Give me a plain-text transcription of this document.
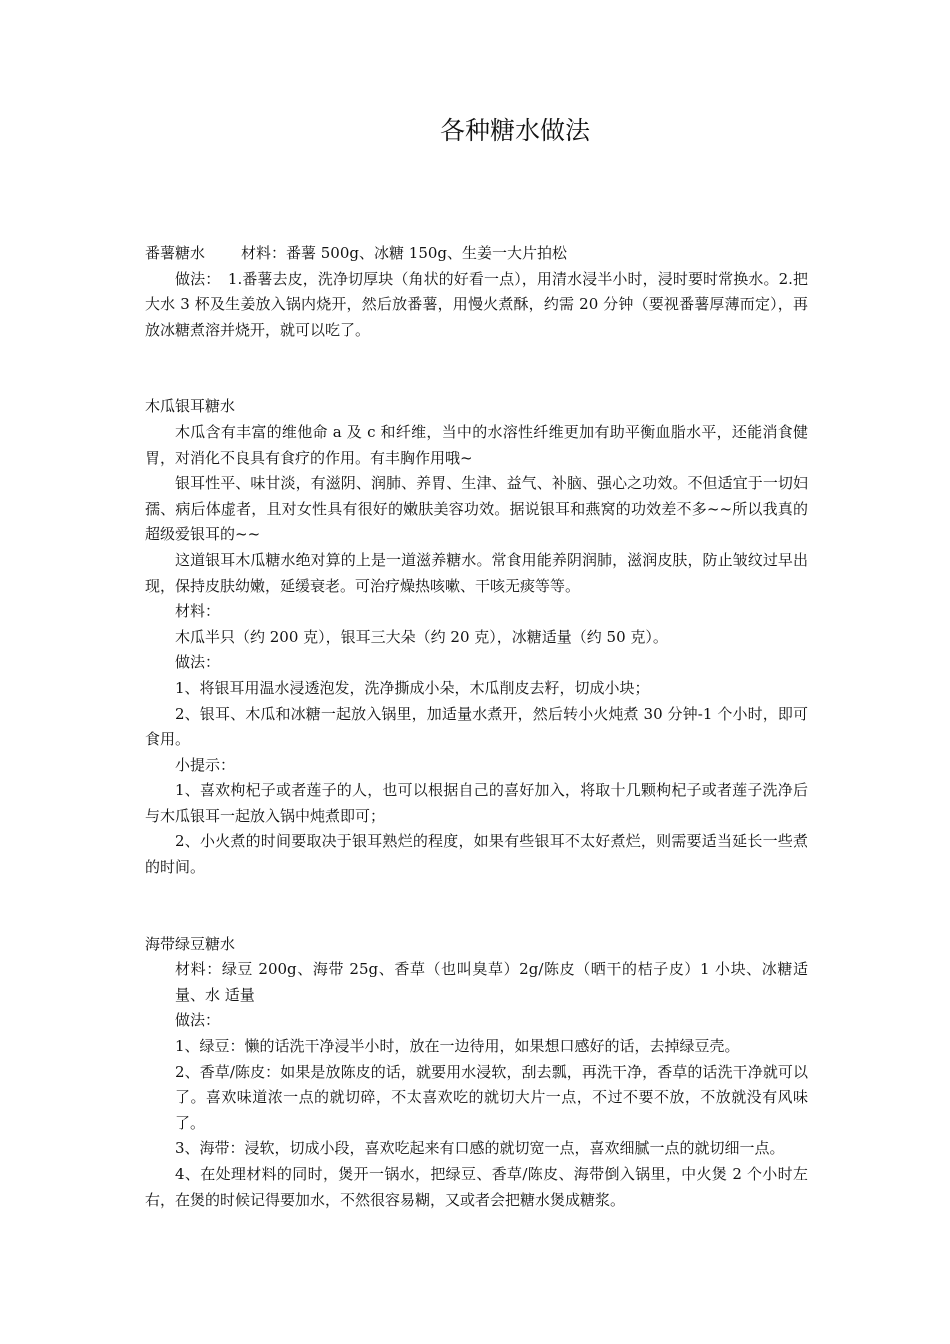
各种糖水做法

番薯糖水 材料：番薯 500g、冰糖 150g、生姜一大片拍松

做法：　1.番薯去皮，洗净切厚块（角状的好看一点），用清水浸半小时，浸时要时常换水。2.把大水 3 杯及生姜放入锅内烧开，然后放番薯，用慢火煮酥，约需 20 分钟（要视番薯厚薄而定），再放冰糖煮溶并烧开，就可以吃了。

木瓜银耳糖水

木瓜含有丰富的维他命 a 及 c 和纤维，当中的水溶性纤维更加有助平衡血脂水平，还能消食健胃，对消化不良具有食疗的作用。有丰胸作用哦~

银耳性平、味甘淡，有滋阴、润肺、养胃、生津、益气、补脑、强心之功效。不但适宜于一切妇孺、病后体虚者，且对女性具有很好的嫩肤美容功效。据说银耳和燕窝的功效差不多~~所以我真的超级爱银耳的~~

这道银耳木瓜糖水绝对算的上是一道滋养糖水。常食用能养阴润肺，滋润皮肤，防止皱纹过早出现，保持皮肤幼嫩，延缓衰老。可治疗燥热咳嗽、干咳无痰等等。

材料：

木瓜半只（约 200 克），银耳三大朵（约 20 克），冰糖适量（约 50 克）。

做法：

1、将银耳用温水浸透泡发，洗净撕成小朵，木瓜削皮去籽，切成小块；

2、银耳、木瓜和冰糖一起放入锅里，加适量水煮开，然后转小火炖煮 30 分钟-1 个小时，即可食用。

小提示：

1、喜欢枸杞子或者莲子的人，也可以根据自己的喜好加入，将取十几颗枸杞子或者莲子洗净后与木瓜银耳一起放入锅中炖煮即可；

2、小火煮的时间要取决于银耳熟烂的程度，如果有些银耳不太好煮烂，则需要适当延长一些煮的时间。

海带绿豆糖水

材料：绿豆 200g、海带 25g、香草（也叫臭草）2g/陈皮（晒干的桔子皮）1 小块、冰糖适量、水 适量

做法：

1、绿豆：懒的话洗干净浸半小时，放在一边待用，如果想口感好的话，去掉绿豆壳。

2、香草/陈皮：如果是放陈皮的话，就要用水浸软，刮去瓢，再洗干净，香草的话洗干净就可以了。喜欢味道浓一点的就切碎，不太喜欢吃的就切大片一点，不过不要不放，不放就没有风味了。

3、海带：浸软，切成小段，喜欢吃起来有口感的就切宽一点，喜欢细腻一点的就切细一点。

4、在处理材料的同时，煲开一锅水，把绿豆、香草/陈皮、海带倒入锅里，中火煲 2 个小时左右，在煲的时候记得要加水，不然很容易糊，又或者会把糖水煲成糖浆。
